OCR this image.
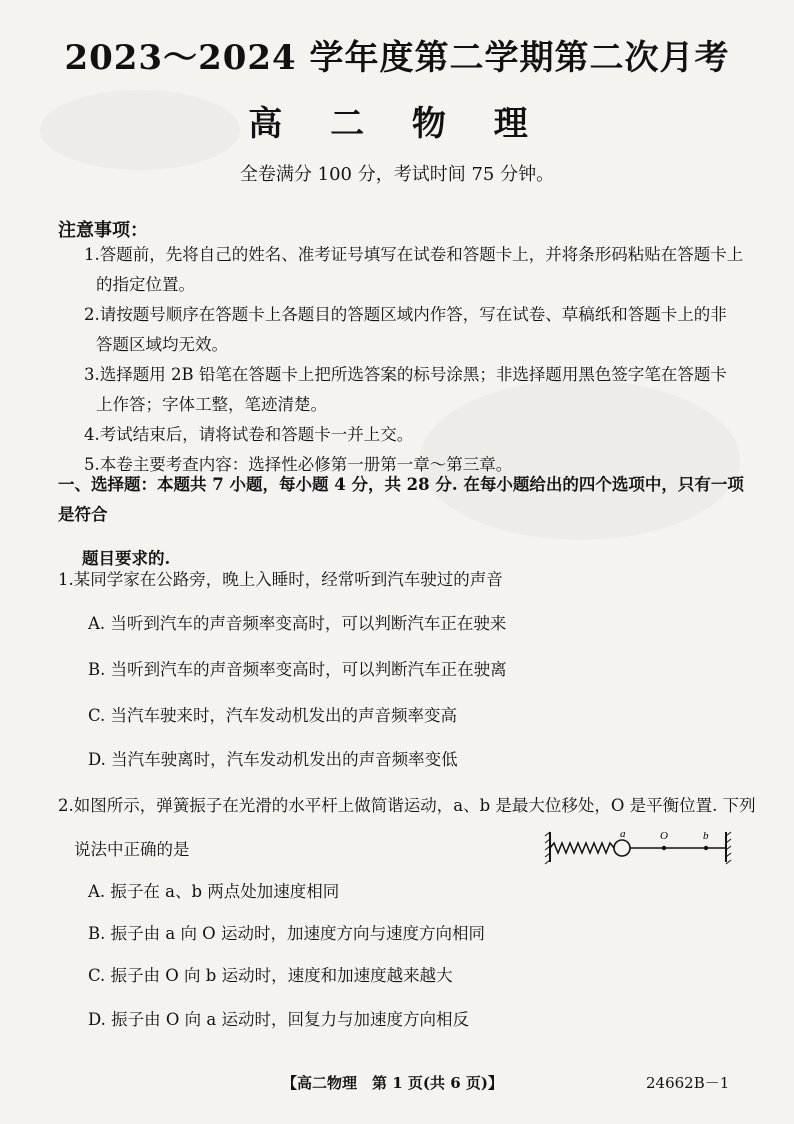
2023～2024 学年度第二学期第二次月考
高 二 物 理
全卷满分 100 分，考试时间 75 分钟。
注意事项：

1.答题前，先将自己的姓名、准考证号填写在试卷和答题卡上，并将条形码粘贴在答题卡上
的指定位置。

2.请按题号顺序在答题卡上各题目的答题区域内作答，写在试卷、草稿纸和答题卡上的非
答题区域均无效。

3.选择题用 2B 铅笔在答题卡上把所选答案的标号涂黑；非选择题用黑色签字笔在答题卡
上作答；字体工整，笔迹清楚。

4.考试结束后，请将试卷和答题卡一并上交。

5.本卷主要考查内容：选择性必修第一册第一章～第三章。

一、选择题：本题共 7 小题，每小题 4 分，共 28 分. 在每小题给出的四个选项中，只有一项是符合
题目要求的.
1.某同学家在公路旁，晚上入睡时，经常听到汽车驶过的声音
A. 当听到汽车的声音频率变高时，可以判断汽车正在驶来
B. 当听到汽车的声音频率变高时，可以判断汽车正在驶离
C. 当汽车驶来时，汽车发动机发出的声音频率变高
D. 当汽车驶离时，汽车发动机发出的声音频率变低
2.如图所示，弹簧振子在光滑的水平杆上做简谐运动，a、b 是最大位移处，O 是平衡位置. 下列
说法中正确的是
a	O	b
A. 振子在 a、b 两点处加速度相同
B. 振子由 a 向 O 运动时，加速度方向与速度方向相同
C. 振子由 O 向 b 运动时，速度和加速度越来越大
D. 振子由 O 向 a 运动时，回复力与加速度方向相反
【高二物理　第 1 页(共 6 页)】	24662B－1
